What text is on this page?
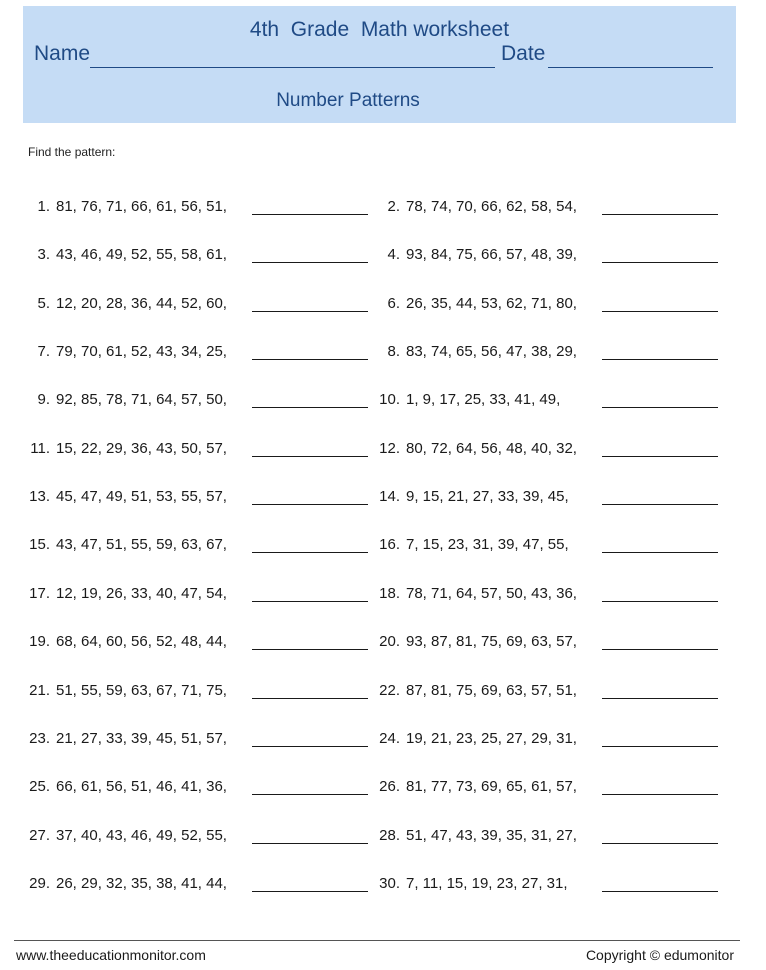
4th  Grade  Math worksheet
Name	Date
Number Patterns
Find the pattern:
1. 81, 76, 71, 66, 61, 56, 51,	2. 78, 74, 70, 66, 62, 58, 54,
3. 43, 46, 49, 52, 55, 58, 61,	4. 93, 84, 75, 66, 57, 48, 39,
5. 12, 20, 28, 36, 44, 52, 60,	6. 26, 35, 44, 53, 62, 71, 80,
7. 79, 70, 61, 52, 43, 34, 25,	8. 83, 74, 65, 56, 47, 38, 29,
9. 92, 85, 78, 71, 64, 57, 50,	10. 1, 9, 17, 25, 33, 41, 49,
11. 15, 22, 29, 36, 43, 50, 57,	12. 80, 72, 64, 56, 48, 40, 32,
13. 45, 47, 49, 51, 53, 55, 57,	14. 9, 15, 21, 27, 33, 39, 45,
15. 43, 47, 51, 55, 59, 63, 67,	16. 7, 15, 23, 31, 39, 47, 55,
17. 12, 19, 26, 33, 40, 47, 54,	18. 78, 71, 64, 57, 50, 43, 36,
19. 68, 64, 60, 56, 52, 48, 44,	20. 93, 87, 81, 75, 69, 63, 57,
21. 51, 55, 59, 63, 67, 71, 75,	22. 87, 81, 75, 69, 63, 57, 51,
23. 21, 27, 33, 39, 45, 51, 57,	24. 19, 21, 23, 25, 27, 29, 31,
25. 66, 61, 56, 51, 46, 41, 36,	26. 81, 77, 73, 69, 65, 61, 57,
27. 37, 40, 43, 46, 49, 52, 55,	28. 51, 47, 43, 39, 35, 31, 27,
29. 26, 29, 32, 35, 38, 41, 44,	30. 7, 11, 15, 19, 23, 27, 31,
www.theeducationmonitor.com	Copyright © edumonitor
